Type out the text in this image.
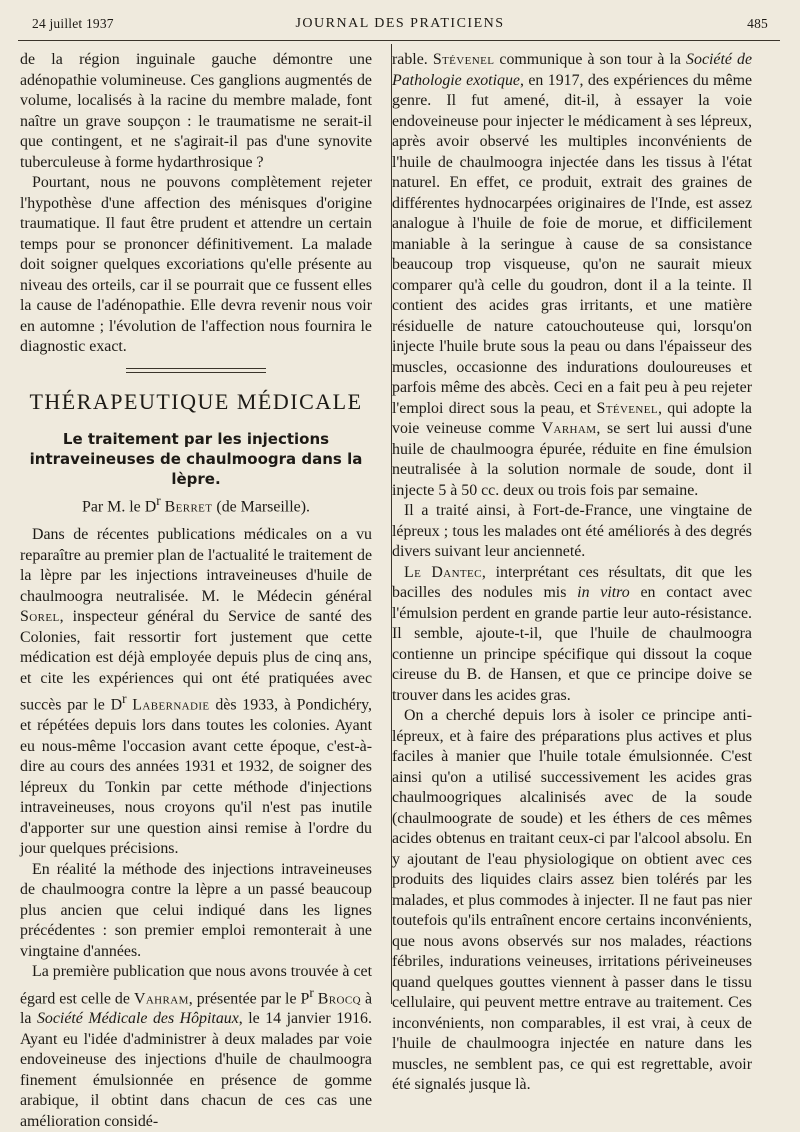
24 juillet 1937	JOURNAL DES PRATICIENS	485

de la région inguinale gauche démontre une adénopathie volumineuse. Ces ganglions augmentés de volume, localisés à la racine du membre malade, font naître un grave soupçon : le traumatisme ne serait-il que contingent, et ne s'agirait-il pas d'une synovite tuberculeuse à forme hydarthrosique ?

Pourtant, nous ne pouvons complètement rejeter l'hypothèse d'une affection des ménisques d'origine traumatique. Il faut être prudent et attendre un certain temps pour se prononcer définitivement. La malade doit soigner quelques excoriations qu'elle présente au niveau des orteils, car il se pourrait que ce fussent elles la cause de l'adénopathie. Elle devra revenir nous voir en automne ; l'évolution de l'affection nous fournira le diagnostic exact.

THÉRAPEUTIQUE MÉDICALE
Le traitement par les injections intraveineuses de chaulmoogra dans la lèpre.
Par M. le $D^r$ Berret (de Marseille).

Dans de récentes publications médicales on a vu reparaître au premier plan de l'actualité le traitement de la lèpre par les injections intraveineuses d'huile de chaulmoogra neutralisée. M. le Médecin général Sorel, inspecteur général du Service de santé des Colonies, fait ressortir fort justement que cette médication est déjà employée depuis plus de cinq ans, et cite les expériences qui ont été pratiquées avec succès par le $D^r$ Labernadie dès 1933, à Pondichéry, et répétées depuis lors dans toutes les colonies. Ayant eu nous-même l'occasion avant cette époque, c'est-à-dire au cours des années 1931 et 1932, de soigner des lépreux du Tonkin par cette méthode d'injections intraveineuses, nous croyons qu'il n'est pas inutile d'apporter sur une question ainsi remise à l'ordre du jour quelques précisions.

En réalité la méthode des injections intraveineuses de chaulmoogra contre la lèpre a un passé beaucoup plus ancien que celui indiqué dans les lignes précédentes : son premier emploi remonterait à une vingtaine d'années.

La première publication que nous avons trouvée à cet égard est celle de Vahram, présentée par le $P^r$ Brocq à la Société Médicale des Hôpitaux, le 14 janvier 1916. Ayant eu l'idée d'administrer à deux malades par voie endoveineuse des injections d'huile de chaulmoogra finement émulsionnée en présence de gomme arabique, il obtint dans chacun de ces cas une amélioration considé-

rable. Stévenel communique à son tour à la Société de Pathologie exotique, en 1917, des expériences du même genre. Il fut amené, dit-il, à essayer la voie endoveineuse pour injecter le médicament à ses lépreux, après avoir observé les multiples inconvénients de l'huile de chaulmoogra injectée dans les tissus à l'état naturel. En effet, ce produit, extrait des graines de différentes hydnocarpées originaires de l'Inde, est assez analogue à l'huile de foie de morue, et difficilement maniable à la seringue à cause de sa consistance beaucoup trop visqueuse, qu'on ne saurait mieux comparer qu'à celle du goudron, dont il a la teinte. Il contient des acides gras irritants, et une matière résiduelle de nature catouchouteuse qui, lorsqu'on injecte l'huile brute sous la peau ou dans l'épaisseur des muscles, occasionne des indurations douloureuses et parfois même des abcès. Ceci en a fait peu à peu rejeter l'emploi direct sous la peau, et Stévenel, qui adopte la voie veineuse comme Varham, se sert lui aussi d'une huile de chaulmoogra épurée, réduite en fine émulsion neutralisée à la solution normale de soude, dont il injecte 5 à 50 cc. deux ou trois fois par semaine.

Il a traité ainsi, à Fort-de-France, une vingtaine de lépreux ; tous les malades ont été améliorés à des degrés divers suivant leur ancienneté.

Le Dantec, interprétant ces résultats, dit que les bacilles des nodules mis in vitro en contact avec l'émulsion perdent en grande partie leur auto-résistance. Il semble, ajoute-t-il, que l'huile de chaulmoogra contienne un principe spécifique qui dissout la coque cireuse du B. de Hansen, et que ce principe doive se trouver dans les acides gras.

On a cherché depuis lors à isoler ce principe anti-lépreux, et à faire des préparations plus actives et plus faciles à manier que l'huile totale émulsionnée. C'est ainsi qu'on a utilisé successivement les acides gras chaulmoogriques alcalinisés avec de la soude (chaulmoograte de soude) et les éthers de ces mêmes acides obtenus en traitant ceux-ci par l'alcool absolu. En y ajoutant de l'eau physiologique on obtient avec ces produits des liquides clairs assez bien tolérés par les malades, et plus commodes à injecter. Il ne faut pas nier toutefois qu'ils entraînent encore certains inconvénients, que nous avons observés sur nos malades, réactions fébriles, indurations veineuses, irritations périveineuses quand quelques gouttes viennent à passer dans le tissu cellulaire, qui peuvent mettre entrave au traitement. Ces inconvénients, non comparables, il est vrai, à ceux de l'huile de chaulmoogra injectée en nature dans les muscles, ne semblent pas, ce qui est regrettable, avoir été signalés jusque là.
